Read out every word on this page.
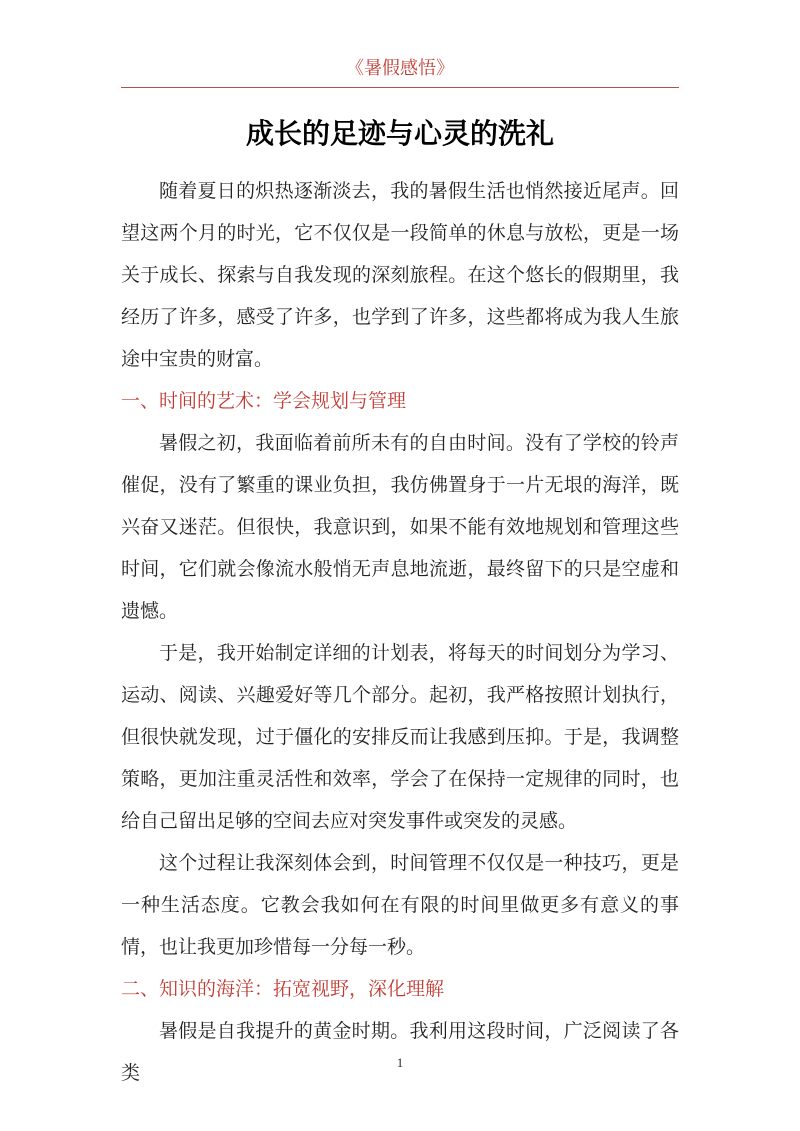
《暑假感悟》
成长的足迹与心灵的洗礼

随着夏日的炽热逐渐淡去，我的暑假生活也悄然接近尾声。回望这两个月的时光，它不仅仅是一段简单的休息与放松，更是一场关于成长、探索与自我发现的深刻旅程。在这个悠长的假期里，我经历了许多，感受了许多，也学到了许多，这些都将成为我人生旅途中宝贵的财富。

一、时间的艺术：学会规划与管理

暑假之初，我面临着前所未有的自由时间。没有了学校的铃声催促，没有了繁重的课业负担，我仿佛置身于一片无垠的海洋，既兴奋又迷茫。但很快，我意识到，如果不能有效地规划和管理这些时间，它们就会像流水般悄无声息地流逝，最终留下的只是空虚和遗憾。

于是，我开始制定详细的计划表，将每天的时间划分为学习、运动、阅读、兴趣爱好等几个部分。起初，我严格按照计划执行，但很快就发现，过于僵化的安排反而让我感到压抑。于是，我调整策略，更加注重灵活性和效率，学会了在保持一定规律的同时，也给自己留出足够的空间去应对突发事件或突发的灵感。

这个过程让我深刻体会到，时间管理不仅仅是一种技巧，更是一种生活态度。它教会我如何在有限的时间里做更多有意义的事情，也让我更加珍惜每一分每一秒。

二、知识的海洋：拓宽视野，深化理解

暑假是自我提升的黄金时期。我利用这段时间，广泛阅读了各类

1
